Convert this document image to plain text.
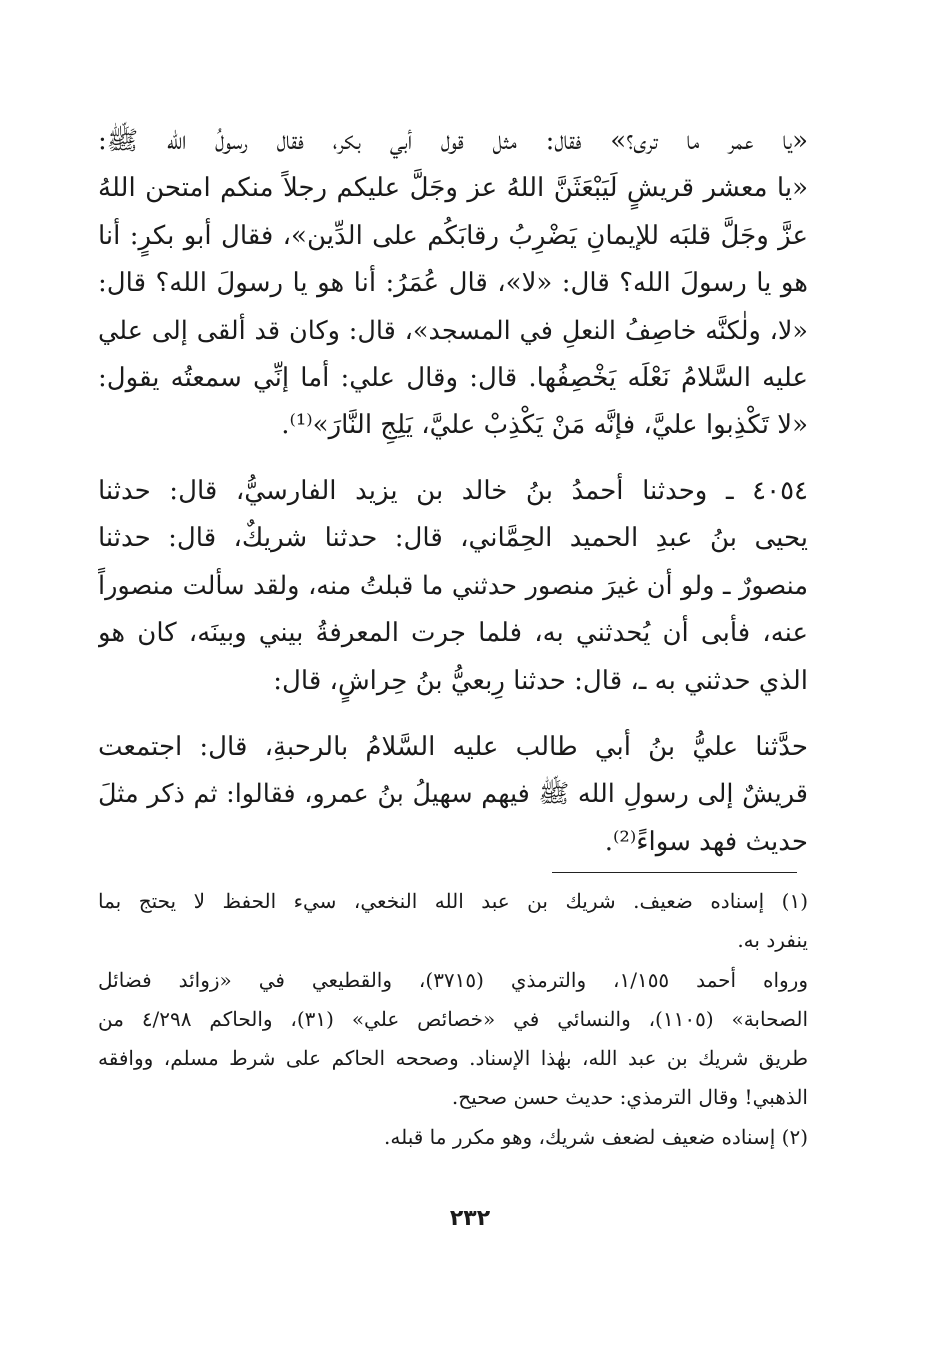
«يا عمر ما ترى؟» فقال: مثل قول أبي بكر، فقال رسولُ الله ﷺ:
«يا معشر قريشٍ لَيَبْعَثَنَّ اللهُ عز وجَلَّ عليكم رجلاً منكم امتحن اللهُ
عزَّ وجَلَّ قلبَه للإيمانِ يَضْرِبُ رقابَكُم على الدِّين»، فقال أبو بكرٍ: أنا
هو يا رسولَ الله؟ قال: «لا»، قال عُمَرُ: أنا هو يا رسولَ الله؟ قال:
«لا، ولٰكنَّه خاصِفُ النعلِ في المسجد»، قال: وكان قد ألقى إلى علي
عليه السَّلامُ نَعْلَه يَخْصِفُها. قال: وقال علي: أما إنِّي سمعتُه يقول:
«لا تَكْذِبوا عليَّ، فإنَّه مَنْ يَكْذِبْ عليَّ، يَلِجِ النَّارَ»⁽¹⁾.
٤٠٥٤ ـ وحدثنا أحمدُ بنُ خالد بن يزيد الفارسيُّ، قال: حدثنا
يحيى بنُ عبدِ الحميد الحِمَّاني، قال: حدثنا شريكٌ، قال: حدثنا
منصورٌ ـ ولو أن غيرَ منصور حدثني ما قبلتُ منه، ولقد سألت منصوراً
عنه، فأبى أن يُحدثني به، فلما جرت المعرفةُ بيني وبينَه، كان هو
الذي حدثني به ـ، قال: حدثنا رِبعيُّ بنُ حِراشٍ، قال:
حدَّثنا عليُّ بنُ أبي طالب عليه السَّلامُ بالرحبةِ، قال: اجتمعت
قريشٌ إلى رسولِ الله ﷺ فيهم سهيلُ بنُ عمرو، فقالوا: ثم ذكر مثلَ
حديث فهد سواءً⁽²⁾.
(١) إسناده ضعيف. شريك بن عبد الله النخعي، سيء الحفظ لا يحتج بما
ينفرد به.
ورواه أحمد ١/١٥٥، والترمذي (٣٧١٥)، والقطيعي في «زوائد فضائل
الصحابة» (١١٠٥)، والنسائي في «خصائص علي» (٣١)، والحاكم ٤/٢٩٨ من
طريق شريك بن عبد الله، بهٰذا الإسناد. وصححه الحاكم على شرط مسلم، ووافقه
الذهبي! وقال الترمذي: حديث حسن صحيح.
(٢) إسناده ضعيف لضعف شريك، وهو مكرر ما قبله.
٢٣٢
